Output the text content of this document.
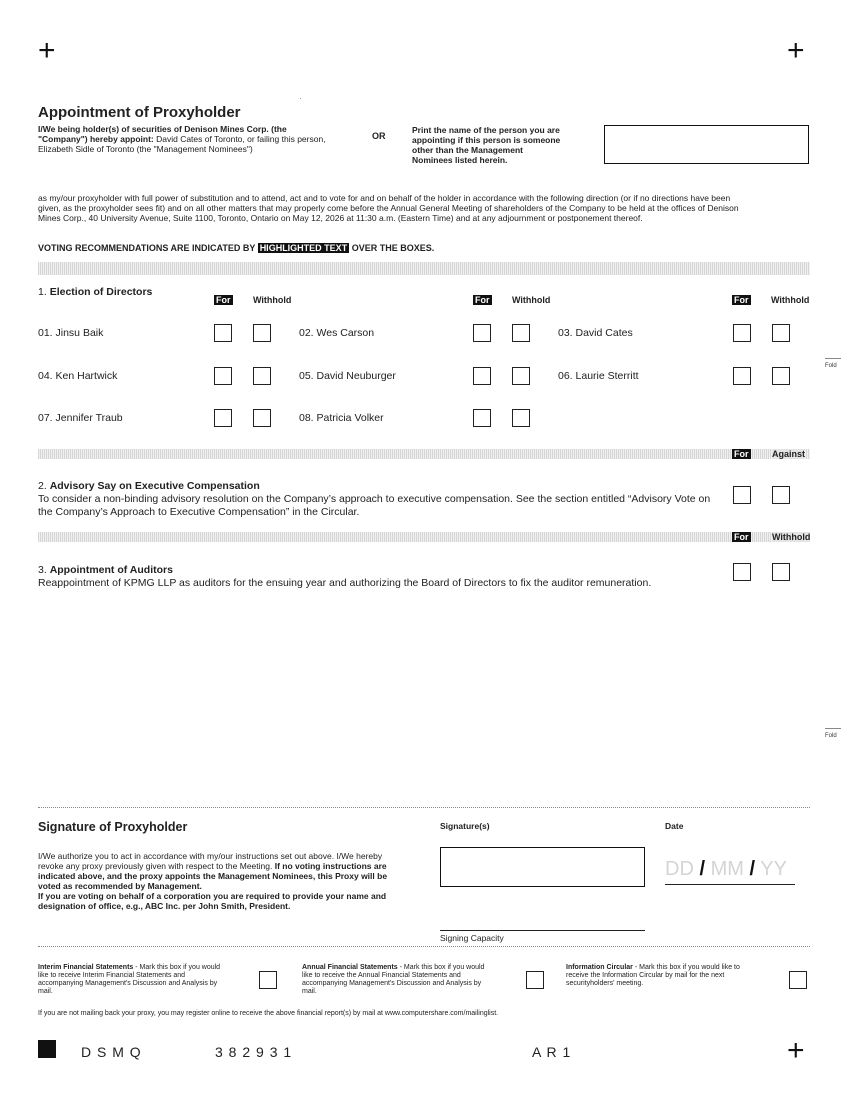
+	+
Appointment of Proxyholder
I/We being holder(s) of securities of Denison Mines Corp. (the
"Company") hereby appoint: David Cates of Toronto, or failing this person,
Elizabeth Sidle of Toronto (the "Management Nominees")
OR
Print the name of the person you are
appointing if this person is someone
other than the Management
Nominees listed herein.
as my/our proxyholder with full power of substitution and to attend, act and to vote for and on behalf of the holder in accordance with the following direction (or if no directions have been
given, as the proxyholder sees fit) and on all other matters that may properly come before the Annual General Meeting of shareholders of the Company to be held at the offices of Denison
Mines Corp., 40 University Avenue, Suite 1100, Toronto, Ontario on May 12, 2026 at 11:30 a.m. (Eastern Time) and at any adjournment or postponement thereof.
VOTING RECOMMENDATIONS ARE INDICATED BY HIGHLIGHTED TEXT OVER THE BOXES.
1. Election of Directors
For	Withhold	For	Withhold	For	Withhold
01. Jinsu Baik	02. Wes Carson	03. David Cates
04. Ken Hartwick	05. David Neuburger	06. Laurie Sterritt
07. Jennifer Traub	08. Patricia Volker
Fold
For	Against
2. Advisory Say on Executive Compensation
To consider a non-binding advisory resolution on the Company’s approach to executive compensation. See the section entitled “Advisory Vote on
the Company’s Approach to Executive Compensation” in the Circular.
For	Withhold
3. Appointment of Auditors
Reappointment of KPMG LLP as auditors for the ensuing year and authorizing the Board of Directors to fix the auditor remuneration.
Fold
Signature of Proxyholder	Signature(s)	Date
I/We authorize you to act in accordance with my/our instructions set out above. I/We hereby
revoke any proxy previously given with respect to the Meeting. If no voting instructions are
indicated above, and the proxy appoints the Management Nominees, this Proxy will be
voted as recommended by Management.
If you are voting on behalf of a corporation you are required to provide your name and
designation of office, e.g., ABC Inc. per John Smith, President.
DD / MM / YY
Signing Capacity
Interim Financial Statements - Mark this box if you would
like to receive Interim Financial Statements and
accompanying Management's Discussion and Analysis by
mail.
Annual Financial Statements - Mark this box if you would
like to receive the Annual Financial Statements and
accompanying Management's Discussion and Analysis by
mail.
Information Circular - Mark this box if you would like to
receive the Information Circular by mail for the next
securityholders' meeting.
If you are not mailing back your proxy, you may register online to receive the above financial report(s) by mail at www.computershare.com/mailinglist.
D S M Q	3 8 2 9 3 1	A R 1	+
